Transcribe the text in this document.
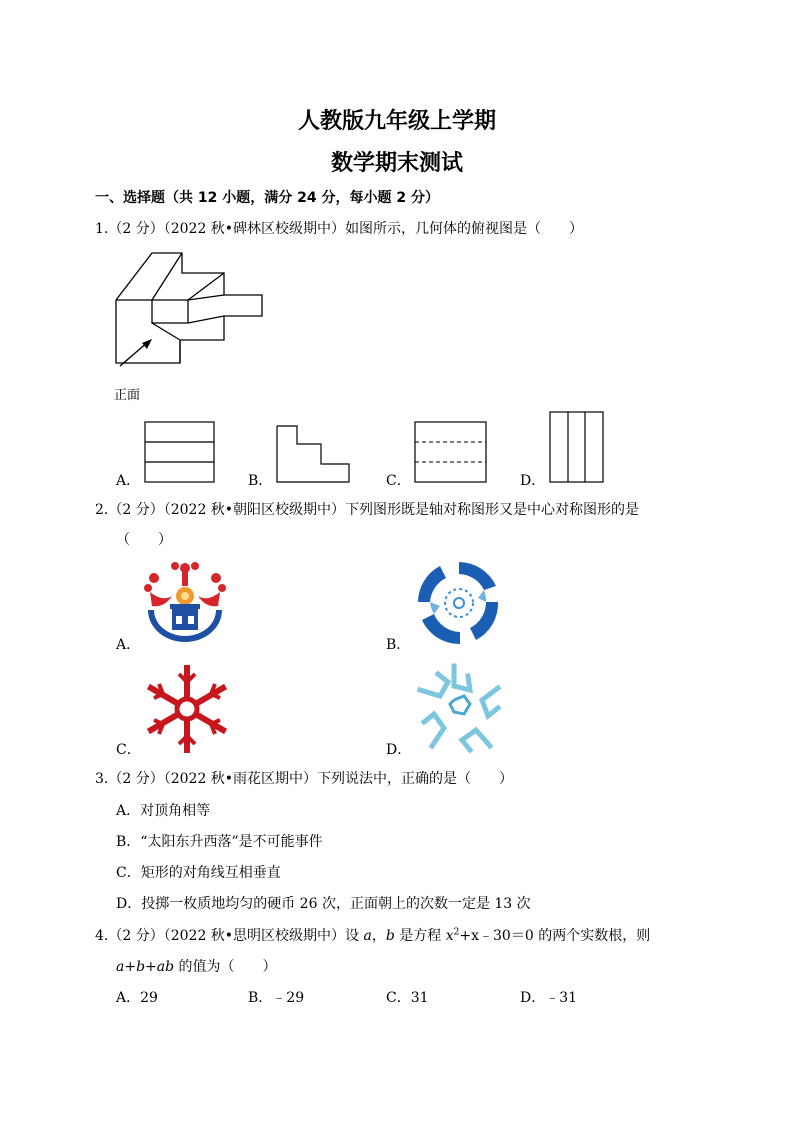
人教版九年级上学期
数学期末测试
一、选择题（共 12 小题，满分 24 分，每小题 2 分）
1.（2 分）（2022 秋•碑林区校级期中）如图所示，几何体的俯视图是（　　）
正面
A．	B．	C．	D．
2.（2 分）（2022 秋•朝阳区校级期中）下列图形既是轴对称图形又是中心对称图形的是
（　　）
A．	B．
C．	D．
3.（2 分）（2022 秋•雨花区期中）下列说法中，正确的是（　　）
A．对顶角相等
B．“太阳东升西落”是不可能事件
C．矩形的对角线互相垂直
D．投掷一枚质地均匀的硬币 26 次，正面朝上的次数一定是 13 次
4.（2 分）（2022 秋•思明区校级期中）设 a，b 是方程 $x^2+x﹣30=0$ 的两个实数根，则
a+b+ab 的值为（　　）
A．29	B．﹣29	C．31	D．﹣31
